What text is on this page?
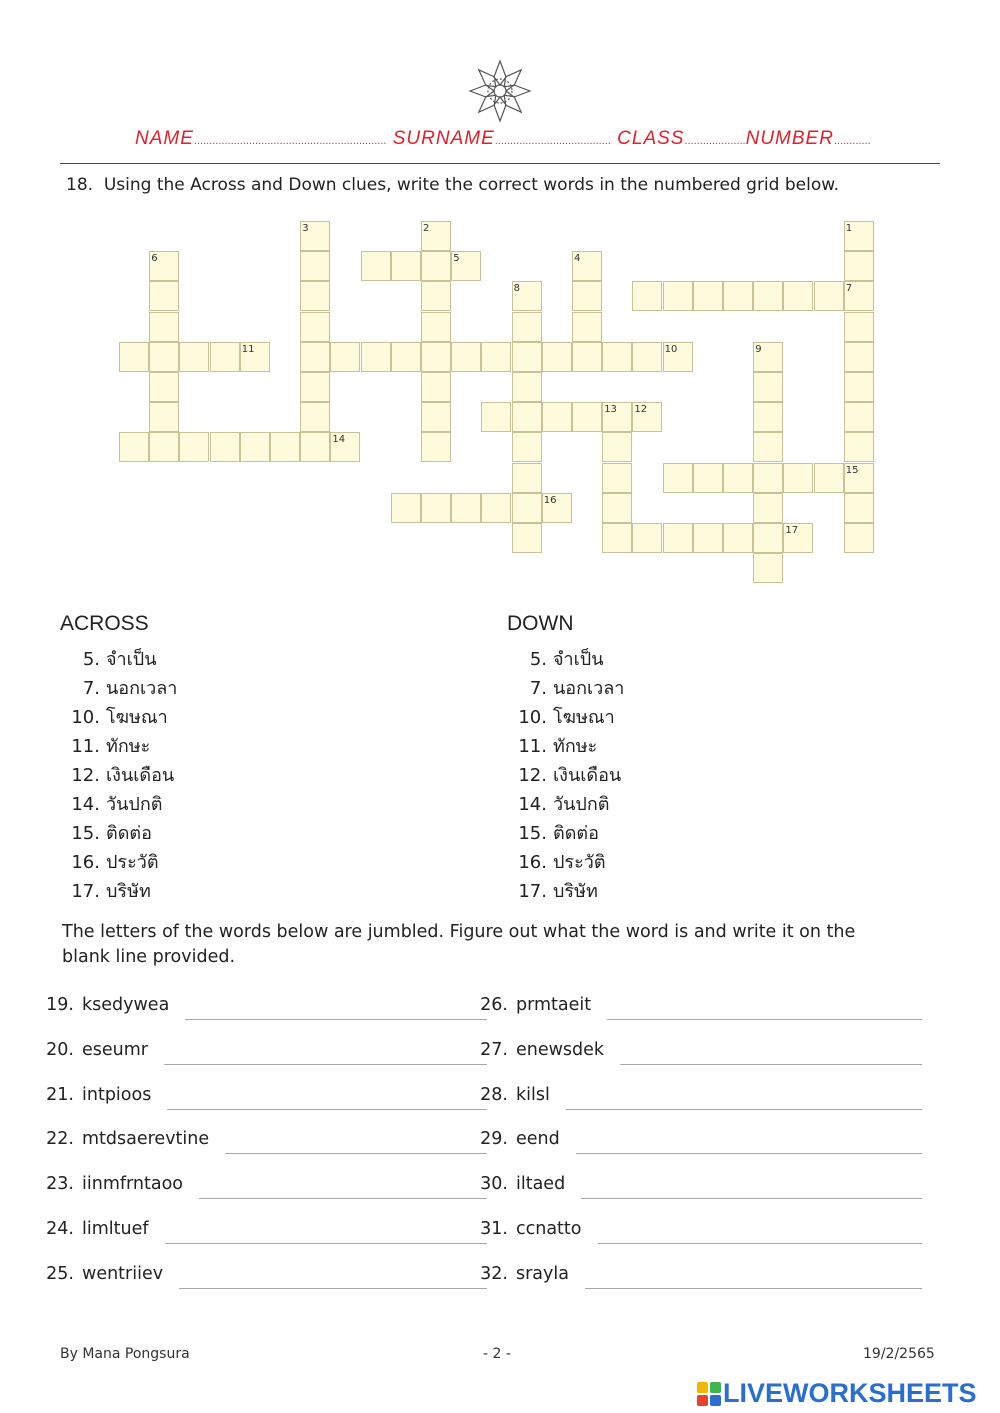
NAME............................................................... SURNAME...................................... CLASS....................NUMBER............
18. Using the Across and Down clues, write the correct words in the numbered grid below.
1
2
3
4
5
6
7
8
9
10
11
12
13
14
15
16
17
ACROSS	DOWN
5. จำเป็น
7. นอกเวลา
10. โฆษณา
11. ทักษะ
12. เงินเดือน
14. วันปกติ
15. ติดต่อ
16. ประวัติ
17. บริษัท
5. จำเป็น
7. นอกเวลา
10. โฆษณา
11. ทักษะ
12. เงินเดือน
14. วันปกติ
15. ติดต่อ
16. ประวัติ
17. บริษัท
The letters of the words below are jumbled. Figure out what the word is and write it on the blank line provided.
19. ksedywea
20. eseumr
21. intpioos
22. mtdsaerevtine
23. iinmfrntaoo
24. limltuef
25. wentriiev
26. prmtaeit
27. enewsdek
28. kilsl
29. eend
30. iltaed
31. ccnatto
32. srayla
By Mana Pongsura	- 2 -	19/2/2565
LIVEWORKSHEETS
